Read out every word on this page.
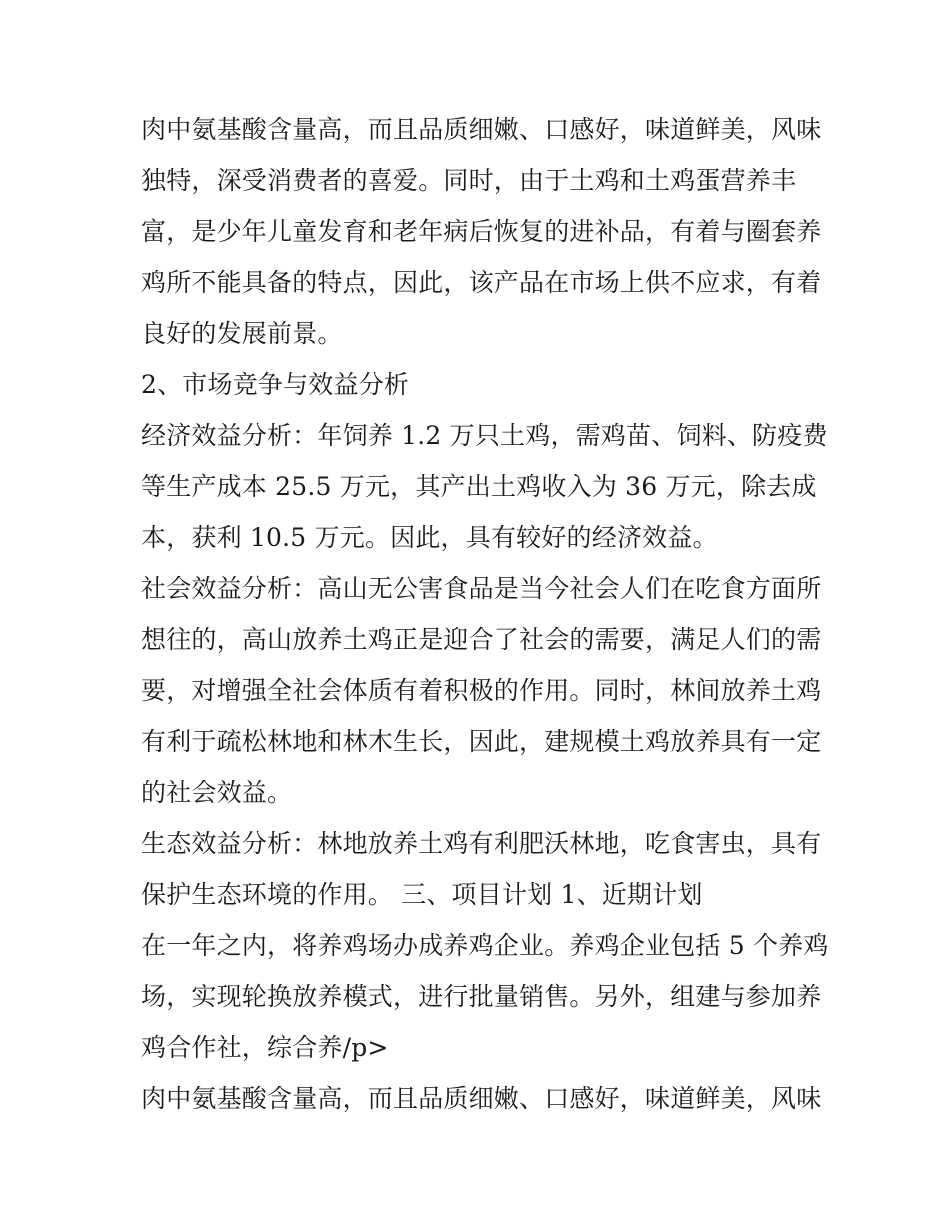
肉中氨基酸含量高，而且品质细嫩、口感好，味道鲜美，风味
独特，深受消费者的喜爱。同时，由于土鸡和土鸡蛋营养丰
富，是少年儿童发育和老年病后恢复的进补品，有着与圈套养
鸡所不能具备的特点，因此，该产品在市场上供不应求，有着
良好的发展前景。
2、市场竞争与效益分析
经济效益分析：年饲养 1.2 万只土鸡，需鸡苗、饲料、防疫费
等生产成本 25.5 万元，其产出土鸡收入为 36 万元，除去成
本，获利 10.5 万元。因此，具有较好的经济效益。
社会效益分析：高山无公害食品是当今社会人们在吃食方面所
想往的，高山放养土鸡正是迎合了社会的需要，满足人们的需
要，对增强全社会体质有着积极的作用。同时，林间放养土鸡
有利于疏松林地和林木生长，因此，建规模土鸡放养具有一定
的社会效益。
生态效益分析：林地放养土鸡有利肥沃林地，吃食害虫，具有
保护生态环境的作用。 三、项目计划 1、近期计划
在一年之内，将养鸡场办成养鸡企业。养鸡企业包括 5 个养鸡
场，实现轮换放养模式，进行批量销售。另外，组建与参加养
鸡合作社，综合养/p>
肉中氨基酸含量高，而且品质细嫩、口感好，味道鲜美，风味
